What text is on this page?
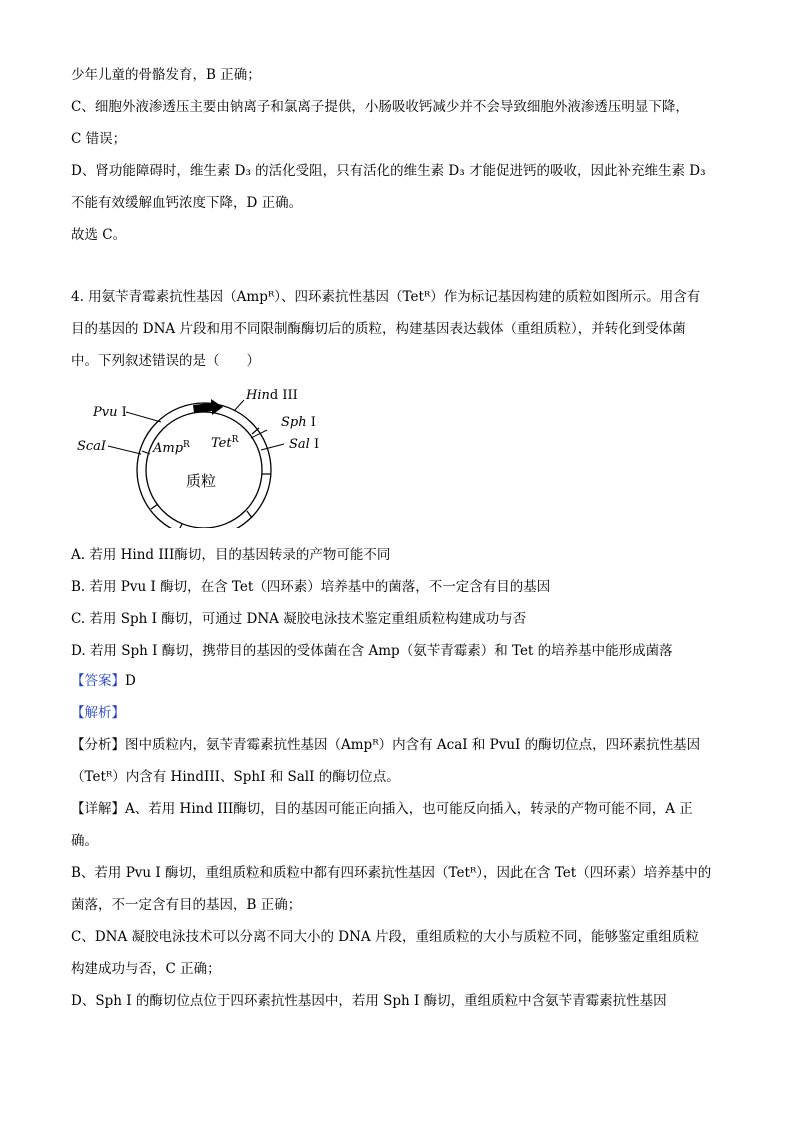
少年儿童的骨骼发育，B 正确；
C、细胞外液渗透压主要由钠离子和氯离子提供，小肠吸收钙减少并不会导致细胞外液渗透压明显下降，
C 错误；
D、肾功能障碍时，维生素 D₃ 的活化受阻，只有活化的维生素 D₃ 才能促进钙的吸收，因此补充维生素 D₃
不能有效缓解血钙浓度下降，D 正确。
故选 C。
4. 用氨苄青霉素抗性基因（Ampᴿ）、四环素抗性基因（Tetᴿ）作为标记基因构建的质粒如图所示。用含有
目的基因的 DNA 片段和用不同限制酶酶切后的质粒，构建基因表达载体（重组质粒），并转化到受体菌
中。下列叙述错误的是（　　）
Hind III
Pvu I
ScaI
Sph I
Sal I
Amp$^R$ Tet$^R$
质粒
A. 若用 Hind III酶切，目的基因转录的产物可能不同
B. 若用 Pvu I 酶切，在含 Tet（四环素）培养基中的菌落，不一定含有目的基因
C. 若用 Sph I 酶切，可通过 DNA 凝胶电泳技术鉴定重组质粒构建成功与否
D. 若用 Sph I 酶切，携带目的基因的受体菌在含 Amp（氨苄青霉素）和 Tet 的培养基中能形成菌落
【答案】D
【解析】
【分析】图中质粒内，氨苄青霉素抗性基因（Ampᴿ）内含有 AcaI 和 PvuI 的酶切位点，四环素抗性基因
（Tetᴿ）内含有 HindIII、SphI 和 SalI 的酶切位点。
【详解】A、若用 Hind III酶切，目的基因可能正向插入，也可能反向插入，转录的产物可能不同，A 正
确。
B、若用 Pvu I 酶切，重组质粒和质粒中都有四环素抗性基因（Tetᴿ），因此在含 Tet（四环素）培养基中的
菌落，不一定含有目的基因，B 正确；
C、DNA 凝胶电泳技术可以分离不同大小的 DNA 片段，重组质粒的大小与质粒不同，能够鉴定重组质粒
构建成功与否，C 正确；
D、Sph I 的酶切位点位于四环素抗性基因中，若用 Sph I 酶切，重组质粒中含氨苄青霉素抗性基因
